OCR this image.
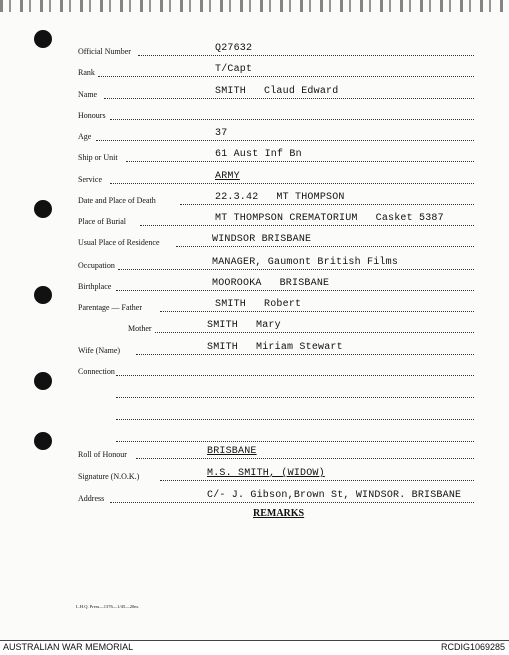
Official Number	Q27632
Rank	T/Capt
Name	SMITH Claud Edward
Honours
Age	37
Ship or Unit	61 Aust Inf Bn
Service	ARMY
Date and Place of Death	22.3.42 MT THOMPSON
Place of Burial	MT THOMPSON CREMATORIUM Casket 5387
Usual Place of Residence	WINDSOR BRISBANE
Occupation	MANAGER, Gaumont British Films
Birthplace	MOOROOKA BRISBANE
Parentage — Father	SMITH Robert
Mother	SMITH Mary
Wife (Name)	SMITH Miriam Stewart
Connection
Roll of Honour	BRISBANE
Signature (N.O.K.)	M.S. SMITH, (WIDOW)
Address	C/- J. Gibson,Brown St, WINDSOR. BRISBANE
REMARKS
L.H.Q. Press—1376—1/45—20m.
AUSTRALIAN WAR MEMORIAL	RCDIG1069285
